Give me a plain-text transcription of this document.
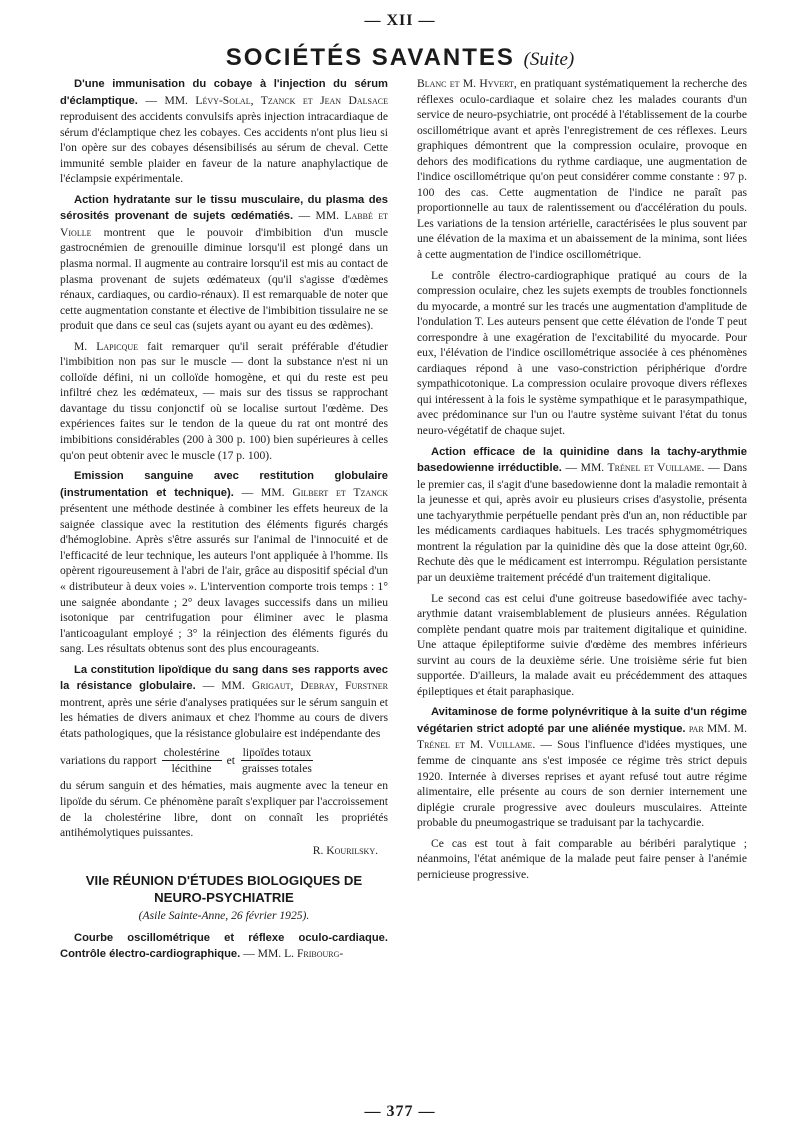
— XII —
SOCIÉTÉS SAVANTES (Suite)

D'une immunisation du cobaye à l'injection du sérum d'éclamptique. — MM. Lévy-Solal, Tzanck et Jean Dalsace reproduisent des accidents convulsifs après injection intracardiaque de sérum d'éclamptique chez les cobayes. Ces accidents n'ont plus lieu si l'on opère sur des cobayes désensibilisés au sérum de cheval. Cette immunité semble plaider en faveur de la nature anaphylactique de l'éclampsie expérimentale.

Action hydratante sur le tissu musculaire, du plasma des sérosités provenant de sujets œdématiés. — MM. Labbé et Violle montrent que le pouvoir d'imbibition d'un muscle gastrocnémien de grenouille diminue lorsqu'il est plongé dans un plasma normal. Il augmente au contraire lorsqu'il est mis au contact de plasma provenant de sujets œdémateux (qu'il s'agisse d'œdèmes rénaux, cardiaques, ou cardio-rénaux). Il est remarquable de noter que cette augmentation constante et élective de l'imbibition tissulaire ne se produit que dans ce seul cas (sujets ayant ou ayant eu des œdèmes).

M. Lapicque fait remarquer qu'il serait préférable d'étudier l'imbibition non pas sur le muscle — dont la substance n'est ni un colloïde défini, ni un colloïde homogène, et qui du reste est peu infiltré chez les œdémateux, — mais sur des tissus se rapprochant davantage du tissu conjonctif où se localise surtout l'œdème. Des expériences faites sur le tendon de la queue du rat ont montré des imbibitions considérables (200 à 300 p. 100) bien supérieures à celles qu'on peut obtenir avec le muscle (17 p. 100).

Emission sanguine avec restitution globulaire (instrumentation et technique). — MM. Gilbert et Tzanck présentent une méthode destinée à combiner les effets heureux de la saignée classique avec la restitution des éléments figurés chargés d'hémoglobine. Après s'être assurés sur l'animal de l'innocuité et de l'efficacité de leur technique, les auteurs l'ont appliquée à l'homme. Ils opèrent rigoureusement à l'abri de l'air, grâce au dispositif spécial d'un « distributeur à deux voies ». L'intervention comporte trois temps : 1° une saignée abondante ; 2° deux lavages successifs dans un milieu isotonique par centrifugation pour éliminer avec le plasma l'anticoagulant employé ; 3° la réinjection des éléments figurés du sang. Les résultats obtenus sont des plus encourageants.

La constitution lipoïdique du sang dans ses rapports avec la résistance globulaire. — MM. Grigaut, Debray, Furstner montrent, après une série d'analyses pratiquées sur le sérum sanguin et les hématies de divers animaux et chez l'homme au cours de divers états pathologiques, que la résistance globulaire est indépendante des

variations du rapport $\frac{\text{cholestérine}}{\text{lécithine}}$ et $\frac{\text{lipoïdes totaux}}{\text{graisses totales}}$

du sérum sanguin et des hématies, mais augmente avec la teneur en lipoïde du sérum. Ce phénomène paraît s'expliquer par l'accroissement de la cholestérine libre, dont on connaît les propriétés antihémolytiques puissantes.

R. Kourilsky.
VIIe RÉUNION D'ÉTUDES BIOLOGIQUES DE NEURO-PSYCHIATRIE
(Asile Sainte-Anne, 26 février 1925).

Courbe oscillométrique et réflexe oculo-cardiaque. Contrôle électro-cardiographique. — MM. L. Fribourg-

Blanc et M. Hyvert, en pratiquant systématiquement la recherche des réflexes oculo-cardiaque et solaire chez les malades courants d'un service de neuro-psychiatrie, ont procédé à l'établissement de la courbe oscillométrique avant et après l'enregistrement de ces réflexes. Leurs graphiques démontrent que la compression oculaire, provoque en dehors des modifications du rythme cardiaque, une augmentation de l'indice oscillométrique qu'on peut considérer comme constante : 97 p. 100 des cas. Cette augmentation de l'indice ne paraît pas proportionnelle au taux de ralentissement ou d'accélération du pouls. Les variations de la tension artérielle, caractérisées le plus souvent par une élévation de la maxima et un abaissement de la minima, sont liées à cette augmentation de l'indice oscillométrique.

Le contrôle électro-cardiographique pratiqué au cours de la compression oculaire, chez les sujets exempts de troubles fonctionnels du myocarde, a montré sur les tracés une augmentation d'amplitude de l'ondulation T. Les auteurs pensent que cette élévation de l'onde T peut correspondre à une exagération de l'excitabilité du myocarde. Pour eux, l'élévation de l'indice oscillométrique associée à ces phénomènes cardiaques répond à une vaso-constriction périphérique d'ordre sympathicotonique. La compression oculaire provoque divers réflexes qui intéressent à la fois le système sympathique et le parasympathique, avec prédominance sur l'un ou l'autre système suivant l'état du tonus neuro-végétatif de chaque sujet.

Action efficace de la quinidine dans la tachy-arythmie basedowienne irréductible. — MM. Trénel et Vuillame. — Dans le premier cas, il s'agit d'une basedowienne dont la maladie remontait à la jeunesse et qui, après avoir eu plusieurs crises d'asystolie, présenta une tachyarythmie perpétuelle pendant près d'un an, non réductible par les médicaments cardiaques habituels. Les tracés sphygmométriques montrent la régulation par la quinidine dès que la dose atteint 0gr,60. Rechute dès que le médicament est interrompu. Régulation persistante par un deuxième traitement précédé d'un traitement digitalique.

Le second cas est celui d'une goitreuse basedowifiée avec tachy-arythmie datant vraisemblablement de plusieurs années. Régulation complète pendant quatre mois par traitement digitalique et quinidine. Une attaque épileptiforme suivie d'œdème des membres inférieurs survint au cours de la deuxième série. Une troisième série fut bien supportée. D'ailleurs, la malade avait eu précédemment des attaques épileptiques et était paraphasique.

Avitaminose de forme polynévritique à la suite d'un régime végétarien strict adopté par une aliénée mystique. par MM. M. Trénel et M. Vuillame. — Sous l'influence d'idées mystiques, une femme de cinquante ans s'est imposée ce régime très strict depuis 1920. Internée à diverses reprises et ayant refusé tout autre régime alimentaire, elle présente au cours de son dernier internement une diplégie crurale progressive avec douleurs musculaires. Atteinte probable du pneumogastrique se traduisant par la tachycardie.

Ce cas est tout à fait comparable au béribéri paralytique ; néanmoins, l'état anémique de la malade peut faire penser à l'anémie pernicieuse progressive.

— 377 —
